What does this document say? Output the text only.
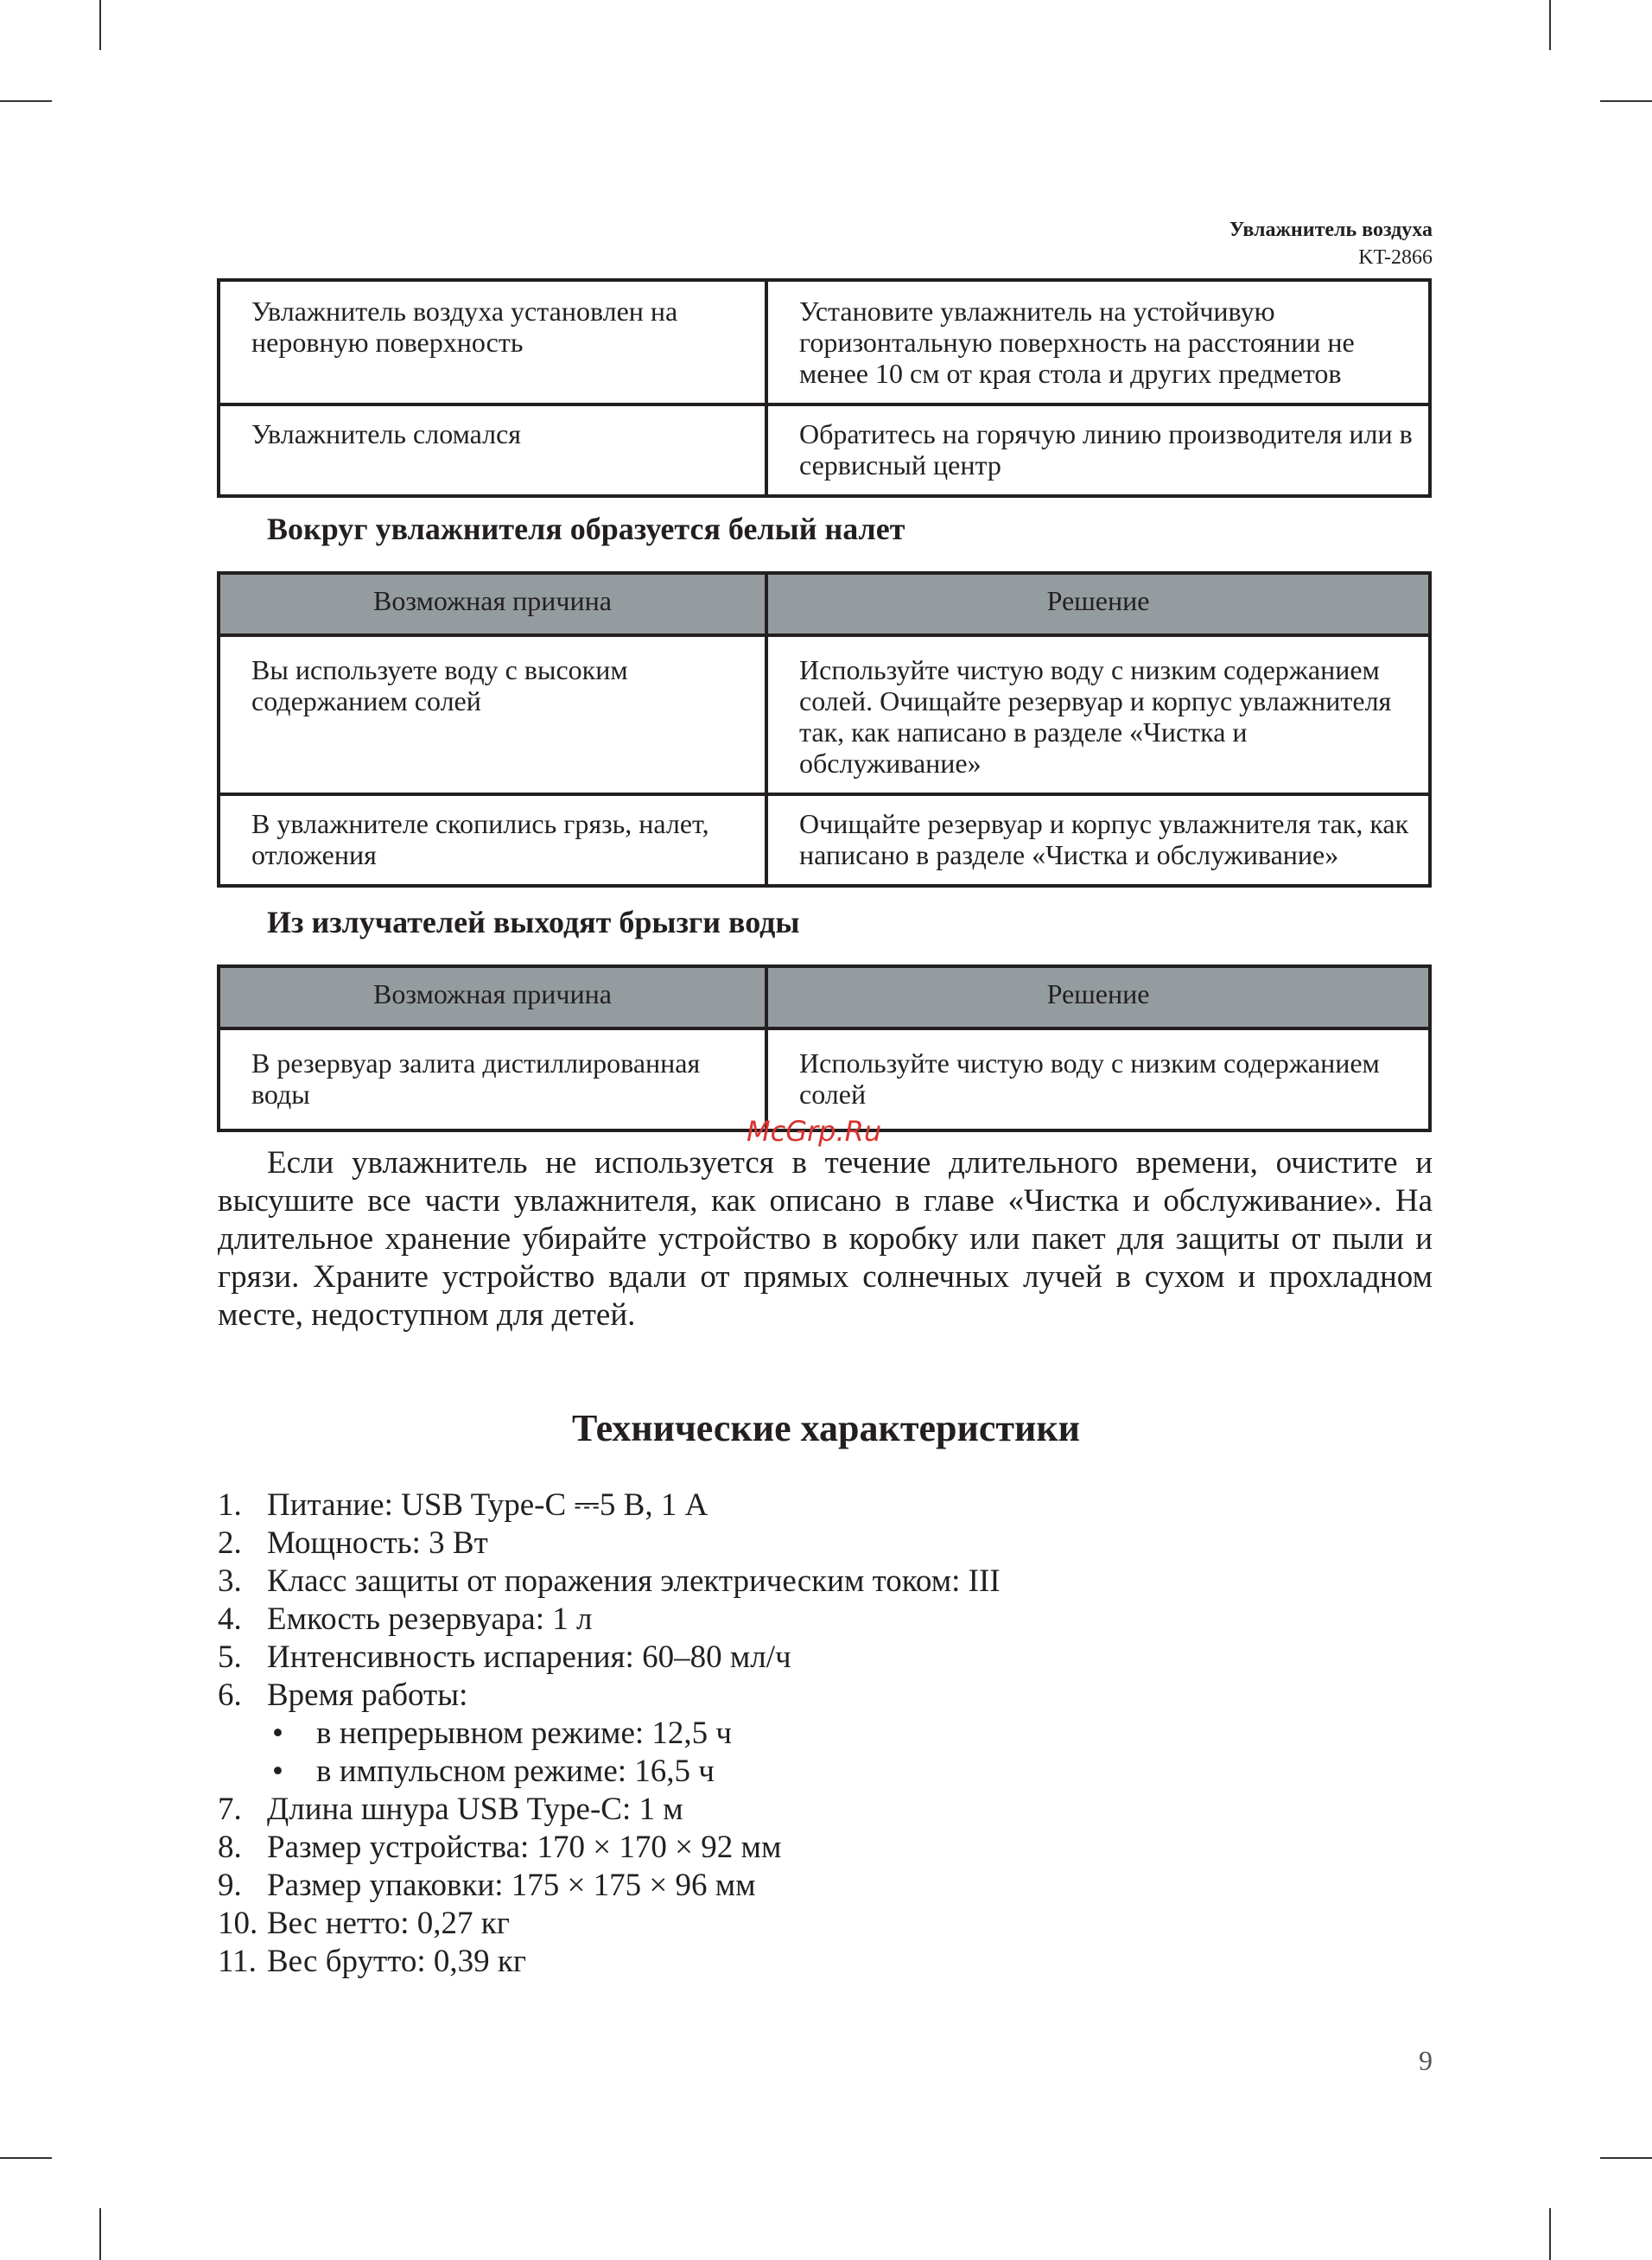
Увлажнитель воздуха
KT-2866
Увлажнитель воздуха установлен на неровную поверхность	Установите увлажнитель на устойчивую горизонтальную поверхность на расстоянии не менее 10 см от края стола и других предметов
Увлажнитель сломался	Обратитесь на горячую линию производителя или в сервисный центр
Вокруг увлажнителя образуется белый налет
Возможная причина	Решение
Вы используете воду с высоким содержанием солей	Используйте чистую воду с низким содержанием солей. Очищайте резервуар и корпус увлажнителя так, как написано в разделе «Чистка и обслуживание»
В увлажнителе скопились грязь, налет, отложения	Очищайте резервуар и корпус увлажнителя так, как написано в разделе «Чистка и обслуживание»
Из излучателей выходят брызги воды
Возможная причина	Решение
В резервуар залита дистиллированная воды	Используйте чистую воду с низким содержанием солей
McGrp.Ru
Если увлажнитель не используется в течение длительного времени, очистите и высушите все части увлажнителя, как описано в главе «Чистка и обслуживание». На длительное хранение убирайте устройство в коробку или пакет для защиты от пыли и грязи. Храните устройство вдали от прямых солнечных лучей в сухом и прохладном месте, недоступном для детей.
Технические характеристики
1. Питание: USB Type-C ⎓5 В, 1 А
2. Мощность: 3 Вт
3. Класс защиты от поражения электрическим током: III
4. Емкость резервуара: 1 л
5. Интенсивность испарения: 60–80 мл/ч
6. Время работы:
•	в непрерывном режиме: 12,5 ч
•	в импульсном режиме: 16,5 ч
7. Длина шнура USB Type-C: 1 м
8. Размер устройства: 170 × 170 × 92 мм
9. Размер упаковки: 175 × 175 × 96 мм
10. Вес нетто: 0,27 кг
11. Вес брутто: 0,39 кг
9
